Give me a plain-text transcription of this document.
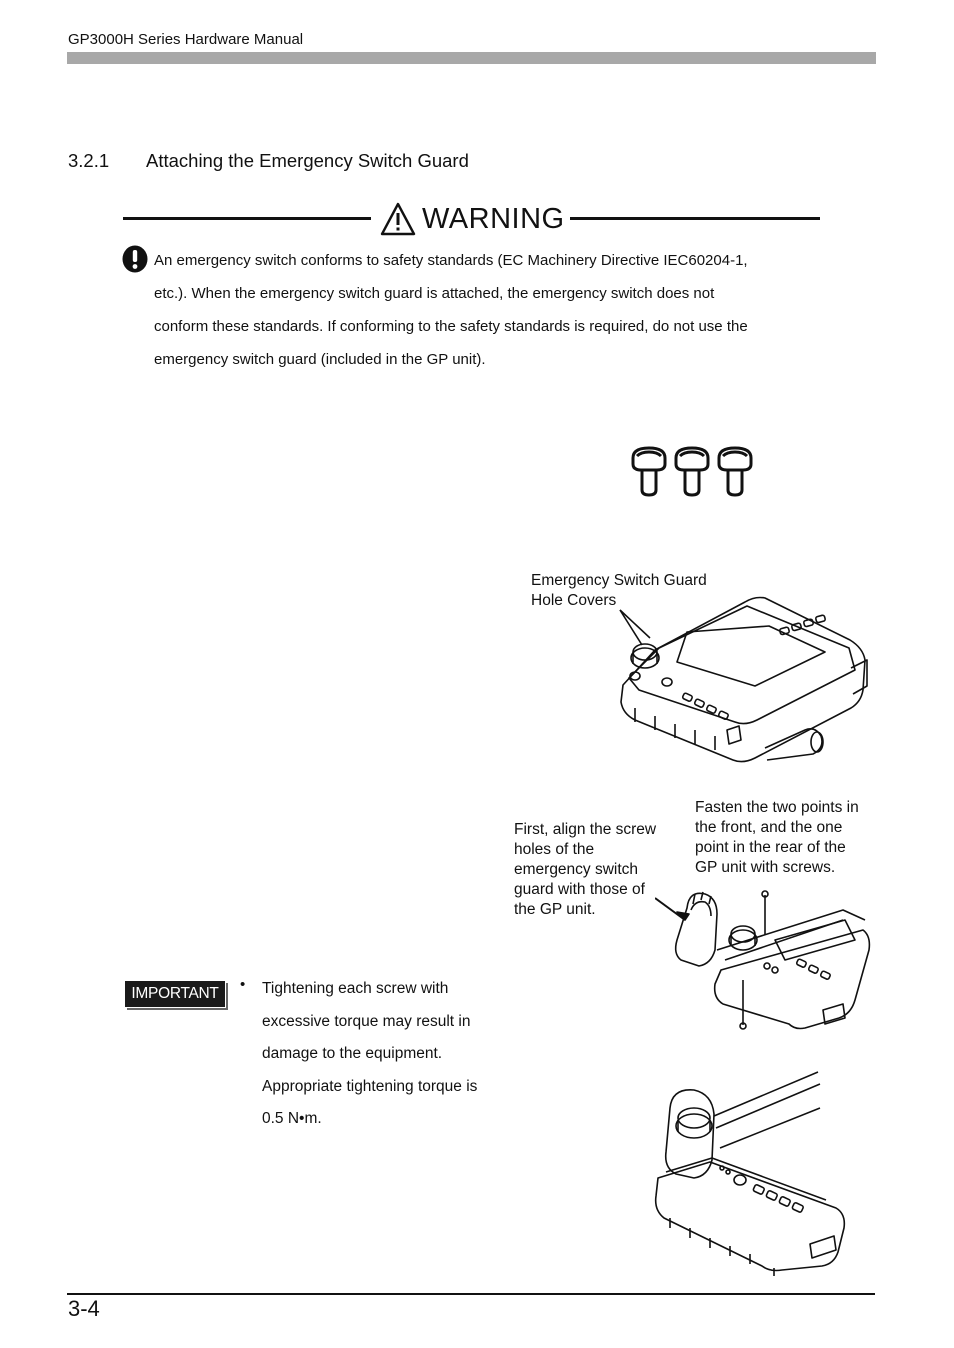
GP3000H Series Hardware Manual
3.2.1 Attaching the Emergency Switch Guard
WARNING

An emergency switch conforms to safety standards (EC Machinery Directive IEC60204-1,

etc.). When the emergency switch guard is attached, the emergency switch does not

conform these standards. If conforming to the safety standards is required, do not use the

emergency switch guard (included in the GP unit).

Emergency Switch Guard
Hole Covers
First, align the screw
holes of the
emergency switch
guard with those of
the GP unit.
Fasten the two points in
the front, and the one
point in the rear of the
GP unit with screws.
IMPORTANT
• Tightening each screw with

excessive torque may result in

damage to the equipment.

Appropriate tightening torque is

0.5 N•m.

3-4
